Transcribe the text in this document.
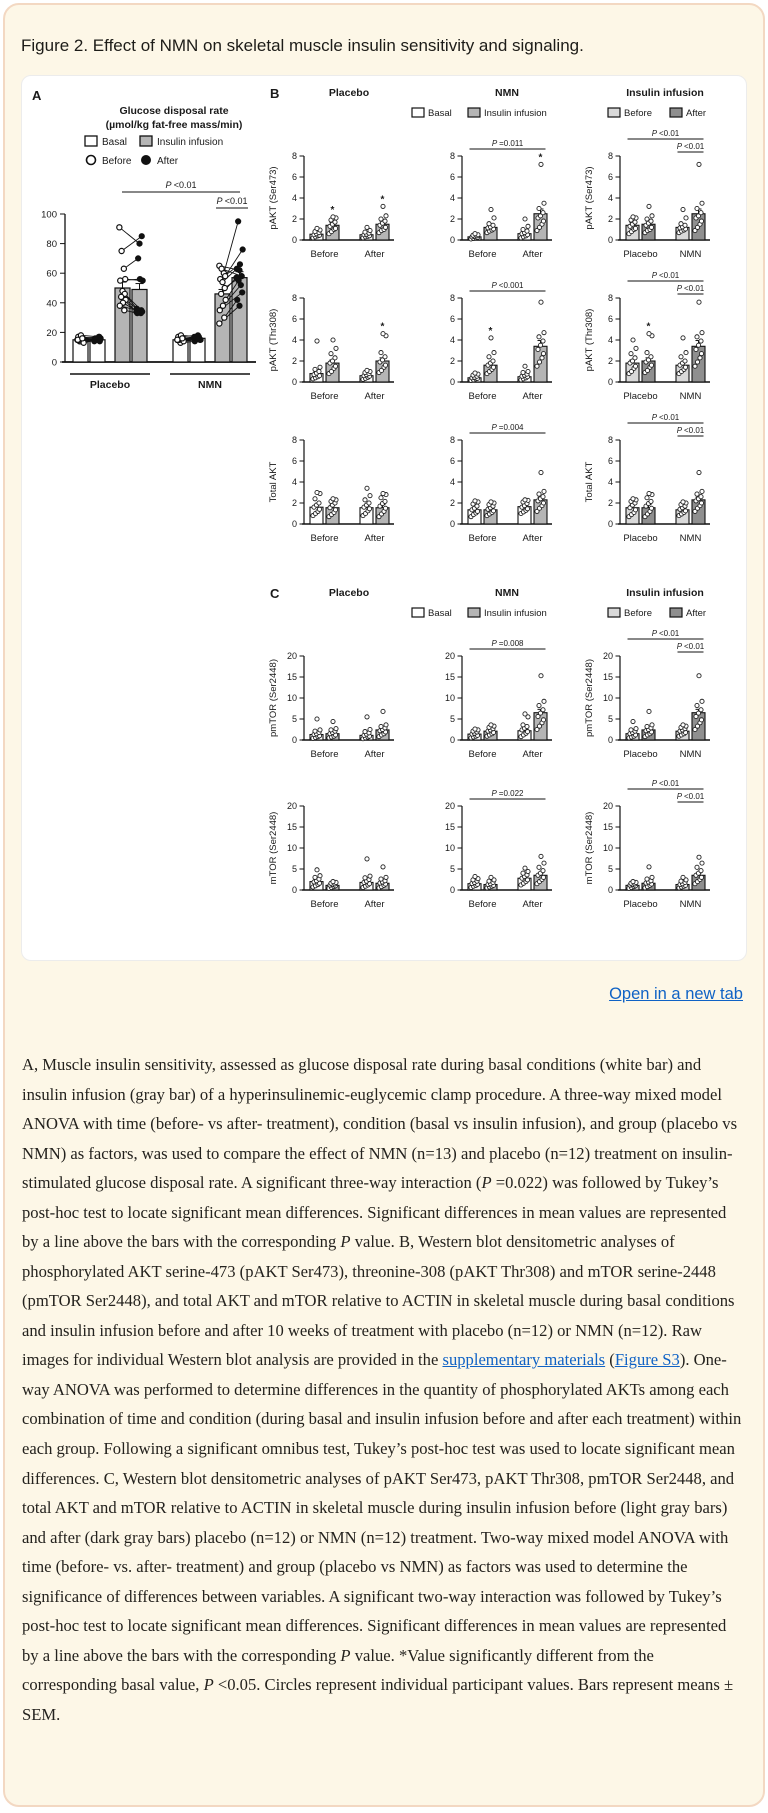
Figure 2. Effect of NMN on skeletal muscle insulin sensitivity and signaling.
A
Glucose disposal rate
(µmol/kg fat-free mass/min)
Basal	Insulin infusion
Before	After
0
20
40
60
80
100
P <0.01
P <0.01
Placebo	NMN
B	Placebo	NMN	Insulin infusion
Basal	Insulin infusion	Before	After
0
2
4
6
8
pAKT (Ser473)	*
*
Before	After
0
2
4
6
8	*
P =0.011
Before	After
0
2
4
6
8
pAKT (Ser473)
P <0.01
P <0.01
Placebo NMN
0
2
4
6
8
pAKT (Thr308)	*
Before	After
0
2
4
6
8
*
P <0.001
Before	After
0
2
4
6
8
pAKT (Thr308)	*
P <0.01
P <0.01
Placebo NMN
0
2
4
6
8
Total AKT
Before	After
0
2
4
6
8
P =0.004
Before	After
0
2
4
6
8
Total AKT
P <0.01
P <0.01
Placebo NMN
C	Placebo	NMN	Insulin infusion
Basal	Insulin infusion	Before	After
0
5
10
15
20
pmTOR (Ser2448)
Before	After
0
5
10
15
20
P =0.008
Before	After
0
5
10
15
20
pmTOR (Ser2448)
P <0.01
P <0.01
Placebo NMN
0
5
10
15
20
mTOR (Ser2448)
Before	After
0
5
10
15
20
P =0.022
Before	After
0
5
10
15
20
mTOR (Ser2448)
P <0.01
P <0.01
Placebo NMN
Open in a new tab
A, Muscle insulin sensitivity, assessed as glucose disposal rate during basal conditions (white bar) and insulin infusion (gray bar) of a hyperinsulinemic-euglycemic clamp procedure. A three-way mixed model ANOVA with time (before- vs after- treatment), condition (basal vs insulin infusion), and group (placebo vs NMN) as factors, was used to compare the effect of NMN (n=13) and placebo (n=12) treatment on insulin-stimulated glucose disposal rate. A significant three-way interaction (P =0.022) was followed by Tukey’s post-hoc test to locate significant mean differences. Significant differences in mean values are represented by a line above the bars with the corresponding P value. B, Western blot densitometric analyses of phosphorylated AKT serine-473 (pAKT Ser473), threonine-308 (pAKT Thr308) and mTOR serine-2448 (pmTOR Ser2448), and total AKT and mTOR relative to ACTIN in skeletal muscle during basal conditions and insulin infusion before and after 10 weeks of treatment with placebo (n=12) or NMN (n=12). Raw images for individual Western blot analysis are provided in the supplementary materials (Figure S3). One-way ANOVA was performed to determine differences in the quantity of phosphorylated AKTs among each combination of time and condition (during basal and insulin infusion before and after each treatment) within each group. Following a significant omnibus test, Tukey’s post-hoc test was used to locate significant mean differences. C, Western blot densitometric analyses of pAKT Ser473, pAKT Thr308, pmTOR Ser2448, and total AKT and mTOR relative to ACTIN in skeletal muscle during insulin infusion before (light gray bars) and after (dark gray bars) placebo (n=12) or NMN (n=12) treatment. Two-way mixed model ANOVA with time (before- vs. after- treatment) and group (placebo vs NMN) as factors was used to determine the significance of differences between variables. A significant two-way interaction was followed by Tukey’s post-hoc test to locate significant mean differences. Significant differences in mean values are represented by a line above the bars with the corresponding P value. *Value significantly different from the corresponding basal value, P <0.05. Circles represent individual participant values. Bars represent means ± SEM.
